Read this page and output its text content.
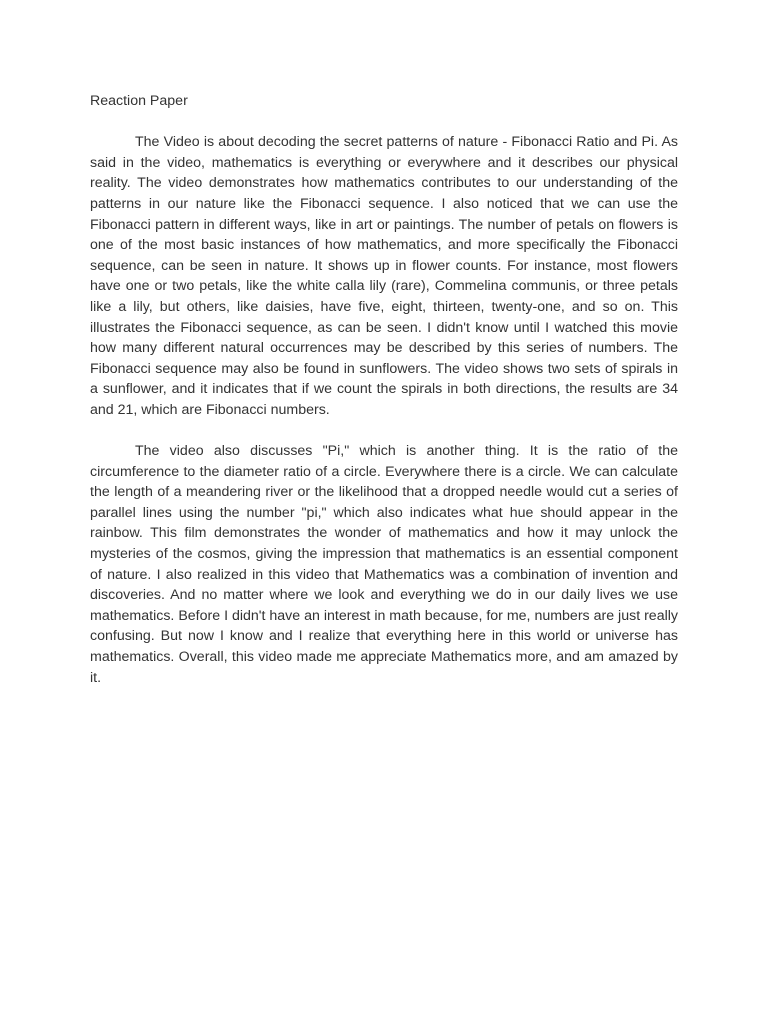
Reaction Paper

The Video is about decoding the secret patterns of nature - Fibonacci Ratio and Pi. As said in the video, mathematics is everything or everywhere and it describes our physical reality. The video demonstrates how mathematics contributes to our understanding of the patterns in our nature like the Fibonacci sequence. I also noticed that we can use the Fibonacci pattern in different ways, like in art or paintings. The number of petals on flowers is one of the most basic instances of how mathematics, and more specifically the Fibonacci sequence, can be seen in nature. It shows up in flower counts. For instance, most flowers have one or two petals, like the white calla lily (rare), Commelina communis, or three petals like a lily, but others, like daisies, have five, eight, thirteen, twenty-one, and so on. This illustrates the Fibonacci sequence, as can be seen. I didn't know until I watched this movie how many different natural occurrences may be described by this series of numbers. The Fibonacci sequence may also be found in sunflowers. The video shows two sets of spirals in a sunflower, and it indicates that if we count the spirals in both directions, the results are 34 and 21, which are Fibonacci numbers.

The video also discusses "Pi," which is another thing. It is the ratio of the circumference to the diameter ratio of a circle. Everywhere there is a circle. We can calculate the length of a meandering river or the likelihood that a dropped needle would cut a series of parallel lines using the number "pi," which also indicates what hue should appear in the rainbow. This film demonstrates the wonder of mathematics and how it may unlock the mysteries of the cosmos, giving the impression that mathematics is an essential component of nature. I also realized in this video that Mathematics was a combination of invention and discoveries. And no matter where we look and everything we do in our daily lives we use mathematics. Before I didn't have an interest in math because, for me, numbers are just really confusing. But now I know and I realize that everything here in this world or universe has mathematics. Overall, this video made me appreciate Mathematics more, and am amazed by it.
